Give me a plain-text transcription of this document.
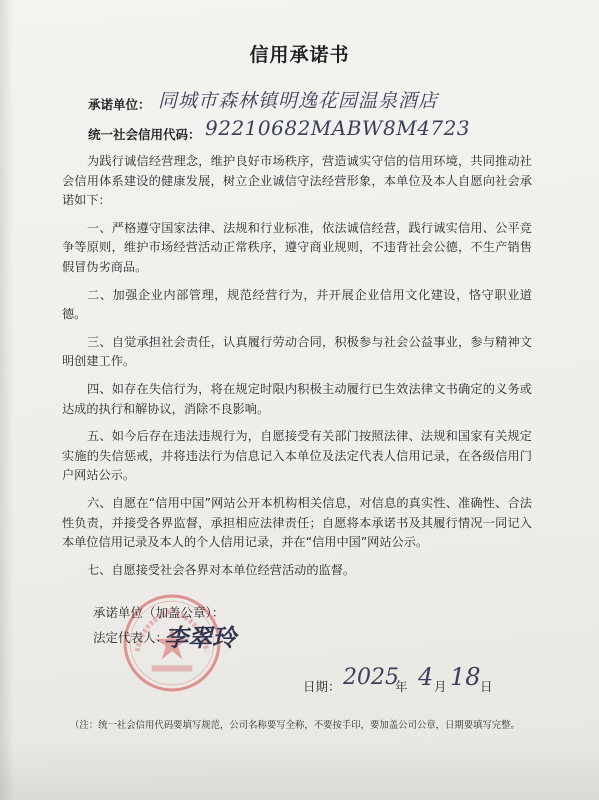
信用承诺书
承诺单位： 同城市森林镇明逸花园温泉酒店
统一社会信用代码： 92210682MABW8M4723

为践行诚信经营理念，维护良好市场秩序，营造诚实守信的信用环境，共同推动社会信用体系建设的健康发展，树立企业诚信守法经营形象，本单位及本人自愿向社会承诺如下：

一、严格遵守国家法律、法规和行业标准，依法诚信经营，践行诚实信用、公平竞争等原则，维护市场经营活动正常秩序，遵守商业规则，不违背社会公德，不生产销售假冒伪劣商品。

二、加强企业内部管理，规范经营行为，并开展企业信用文化建设，恪守职业道德。

三、自觉承担社会责任，认真履行劳动合同，积极参与社会公益事业，参与精神文明创建工作。

四、如存在失信行为，将在规定时限内积极主动履行已生效法律文书确定的义务或达成的执行和解协议，消除不良影响。

五、如今后存在违法违规行为，自愿接受有关部门按照法律、法规和国家有关规定实施的失信惩戒，并将违法行为信息记入本单位及法定代表人信用记录，在各级信用门户网站公示。

六、自愿在“信用中国”网站公开本机构相关信息，对信息的真实性、准确性、合法性负责，并接受各界监督，承担相应法律责任；自愿将本承诺书及其履行情况一同记入本单位信用记录及本人的个人信用记录，并在“信用中国”网站公示。

七、自愿接受社会各界对本单位经营活动的监督。

承诺单位（加盖公章）：
法定代表人：
李翠玲
日期： 2025
年 4 月 18 日
（注：统一社会信用代码要填写规范，公司名称要写全称，不要按手印，要加盖公司公章，日期要填写完整。
